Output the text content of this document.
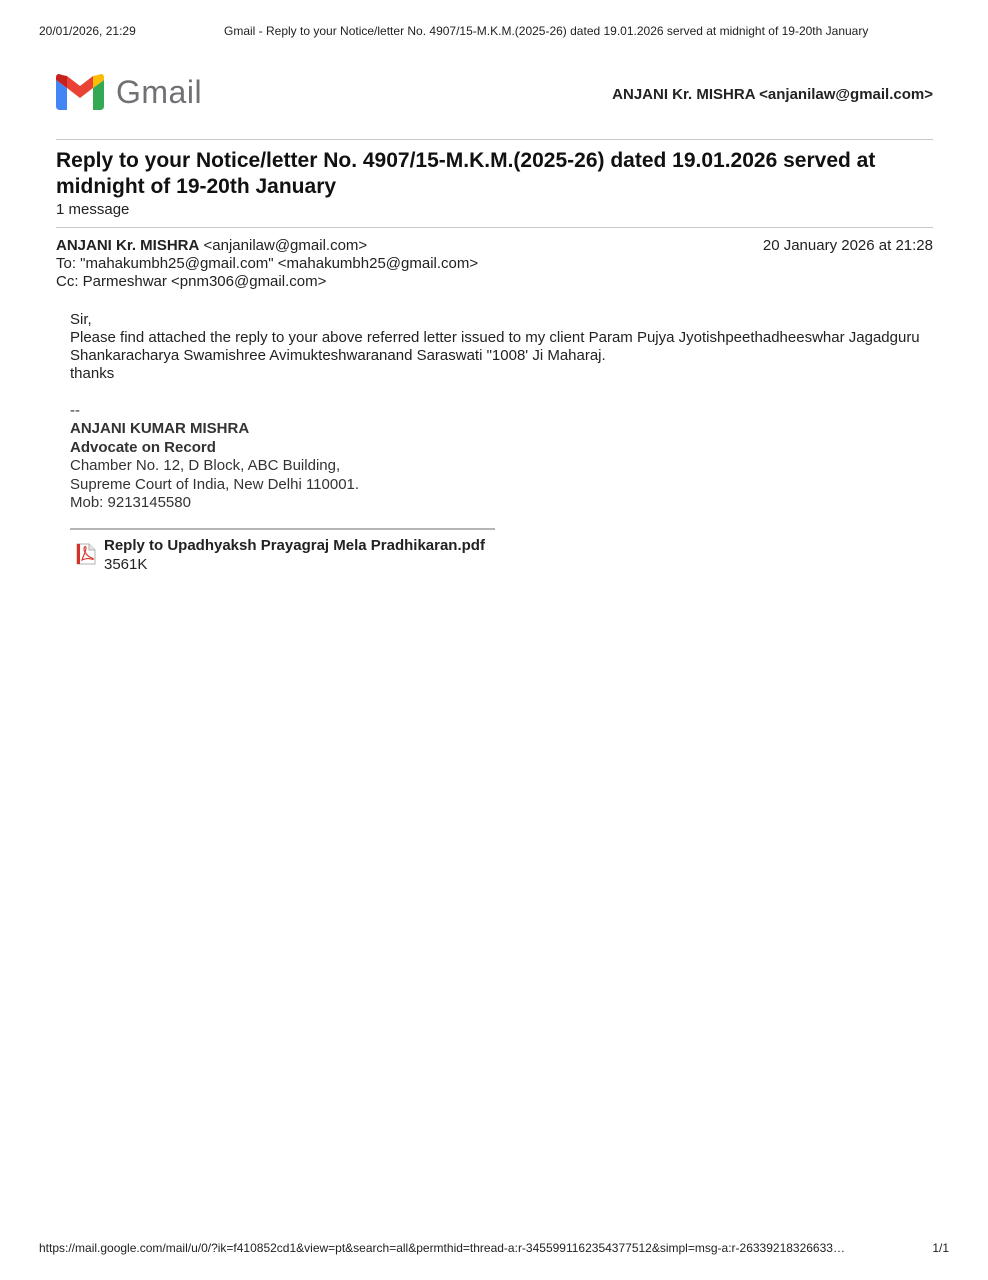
20/01/2026, 21:29	Gmail - Reply to your Notice/letter No. 4907/15-M.K.M.(2025-26) dated 19.01.2026 served at midnight of 19-20th January
Gmail	ANJANI Kr. MISHRA <anjanilaw@gmail.com>
Reply to your Notice/letter No. 4907/15-M.K.M.(2025-26) dated 19.01.2026 served at midnight of 19-20th January
1 message
ANJANI Kr. MISHRA <anjanilaw@gmail.com>	20 January 2026 at 21:28
To: "mahakumbh25@gmail.com" <mahakumbh25@gmail.com>
Cc: Parmeshwar <pnm306@gmail.com>

Sir,

Please find attached the reply to your above referred letter issued to my client Param Pujya Jyotishpeethadheeswhar Jagadguru Shankaracharya Swamishree Avimukteshwaranand Saraswati "1008' Ji Maharaj.

thanks

--
ANJANI KUMAR MISHRA
Advocate on Record
Chamber No. 12, D Block, ABC Building,
Supreme Court of India, New Delhi 110001.
Mob: 9213145580
Reply to Upadhyaksh Prayagraj Mela Pradhikaran.pdf
3561K
https://mail.google.com/mail/u/0/?ik=f410852cd1&view=pt&search=all&permthid=thread-a:r-3455991162354377512&simpl=msg-a:r-26339218326633…	1/1
